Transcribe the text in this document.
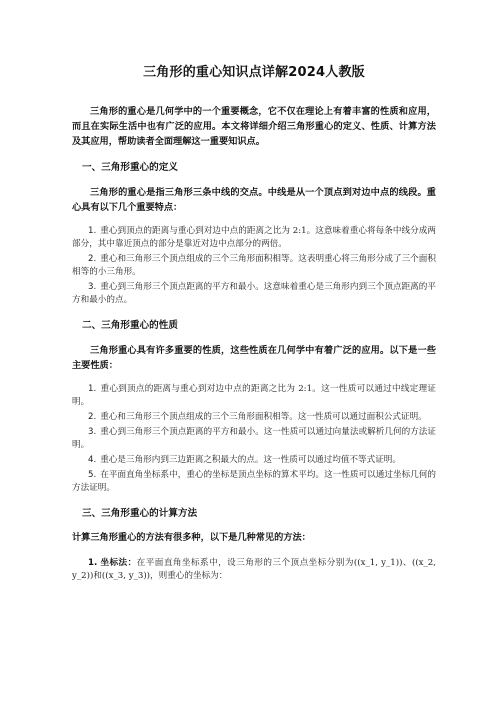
三角形的重心知识点详解2024人教版

三角形的重心是几何学中的一个重要概念，它不仅在理论上有着丰富的性质和应用，而且在实际生活中也有广泛的应用。本文将详细介绍三角形重心的定义、性质、计算方法及其应用，帮助读者全面理解这一重要知识点。

一、三角形重心的定义

三角形的重心是指三角形三条中线的交点。中线是从一个顶点到对边中点的线段。重心具有以下几个重要特点：

1. 重心到顶点的距离与重心到对边中点的距离之比为 2:1。这意味着重心将每条中线分成两部分，其中靠近顶点的部分是靠近对边中点部分的两倍。

2. 重心和三角形三个顶点组成的三个三角形面积相等。这表明重心将三角形分成了三个面积相等的小三角形。

3. 重心到三角形三个顶点距离的平方和最小。这意味着重心是三角形内到三个顶点距离的平方和最小的点。

二、三角形重心的性质

三角形重心具有许多重要的性质，这些性质在几何学中有着广泛的应用。以下是一些主要性质：

1. 重心到顶点的距离与重心到对边中点的距离之比为 2:1。这一性质可以通过中线定理证明。

2. 重心和三角形三个顶点组成的三个三角形面积相等。这一性质可以通过面积公式证明。

3. 重心到三角形三个顶点距离的平方和最小。这一性质可以通过向量法或解析几何的方法证明。

4. 重心是三角形内到三边距离之积最大的点。这一性质可以通过均值不等式证明。

5. 在平面直角坐标系中，重心的坐标是顶点坐标的算术平均。这一性质可以通过坐标几何的方法证明。

三、三角形重心的计算方法

计算三角形重心的方法有很多种，以下是几种常见的方法：

1. 坐标法：在平面直角坐标系中，设三角形的三个顶点坐标分别为((x_1, y_1))、((x_2, y_2))和((x_3, y_3))，则重心的坐标为：
